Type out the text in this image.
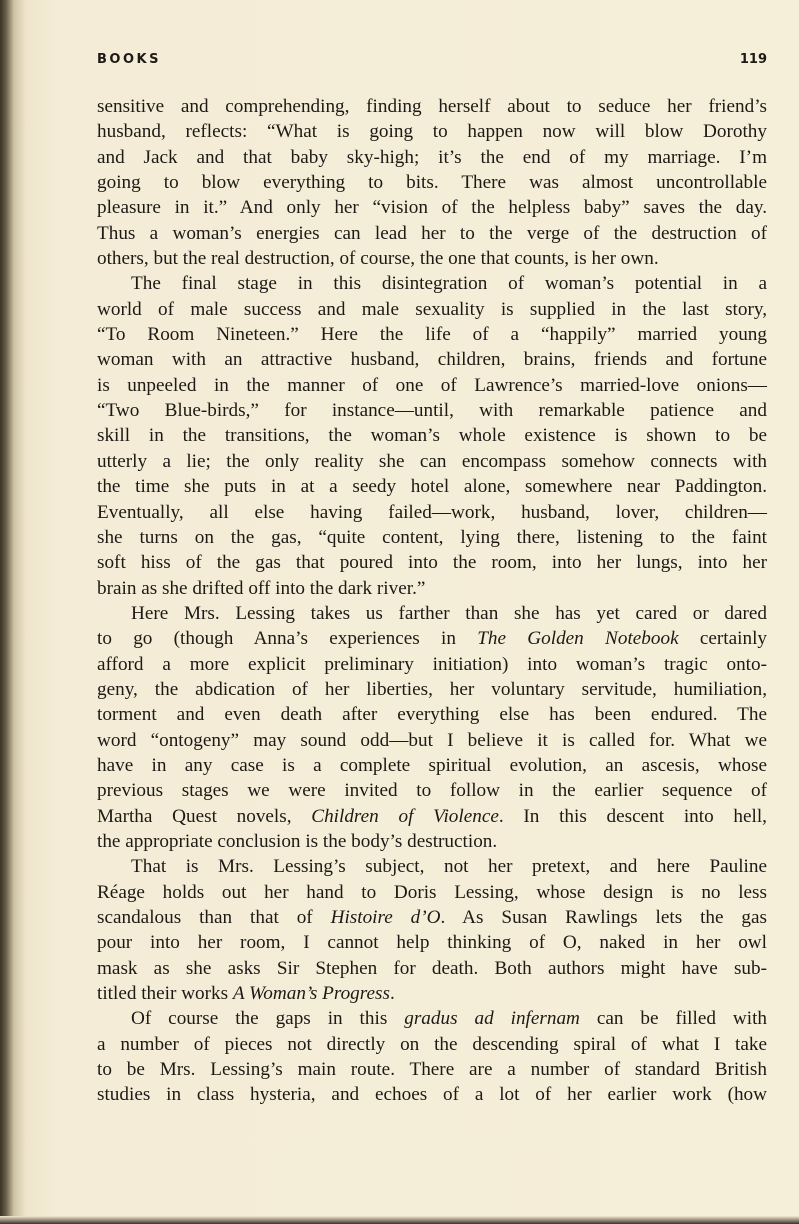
BOOKS	119
sensitive and comprehending, finding herself about to seduce her friend’s
husband, reflects: “What is going to happen now will blow Dorothy
and Jack and that baby sky-high; it’s the end of my marriage. I’m
going to blow everything to bits. There was almost uncontrollable
pleasure in it.” And only her “vision of the helpless baby” saves the day.
Thus a woman’s energies can lead her to the verge of the destruction of
others, but the real destruction, of course, the one that counts, is her own.
The final stage in this disintegration of woman’s potential in a
world of male success and male sexuality is supplied in the last story,
“To Room Nineteen.” Here the life of a “happily” married young
woman with an attractive husband, children, brains, friends and fortune
is unpeeled in the manner of one of Lawrence’s married-love onions—
“Two Blue-birds,” for instance—until, with remarkable patience and
skill in the transitions, the woman’s whole existence is shown to be
utterly a lie; the only reality she can encompass somehow connects with
the time she puts in at a seedy hotel alone, somewhere near Paddington.
Eventually, all else having failed—work, husband, lover, children—
she turns on the gas, “quite content, lying there, listening to the faint
soft hiss of the gas that poured into the room, into her lungs, into her
brain as she drifted off into the dark river.”
Here Mrs. Lessing takes us farther than she has yet cared or dared
to go (though Anna’s experiences in The Golden Notebook certainly
afford a more explicit preliminary initiation) into woman’s tragic onto-
geny, the abdication of her liberties, her voluntary servitude, humiliation,
torment and even death after everything else has been endured. The
word “ontogeny” may sound odd—but I believe it is called for. What we
have in any case is a complete spiritual evolution, an ascesis, whose
previous stages we were invited to follow in the earlier sequence of
Martha Quest novels, Children of Violence. In this descent into hell,
the appropriate conclusion is the body’s destruction.
That is Mrs. Lessing’s subject, not her pretext, and here Pauline
Réage holds out her hand to Doris Lessing, whose design is no less
scandalous than that of Histoire d’O. As Susan Rawlings lets the gas
pour into her room, I cannot help thinking of O, naked in her owl
mask as she asks Sir Stephen for death. Both authors might have sub-
titled their works A Woman’s Progress.
Of course the gaps in this gradus ad infernam can be filled with
a number of pieces not directly on the descending spiral of what I take
to be Mrs. Lessing’s main route. There are a number of standard British
studies in class hysteria, and echoes of a lot of her earlier work (how
